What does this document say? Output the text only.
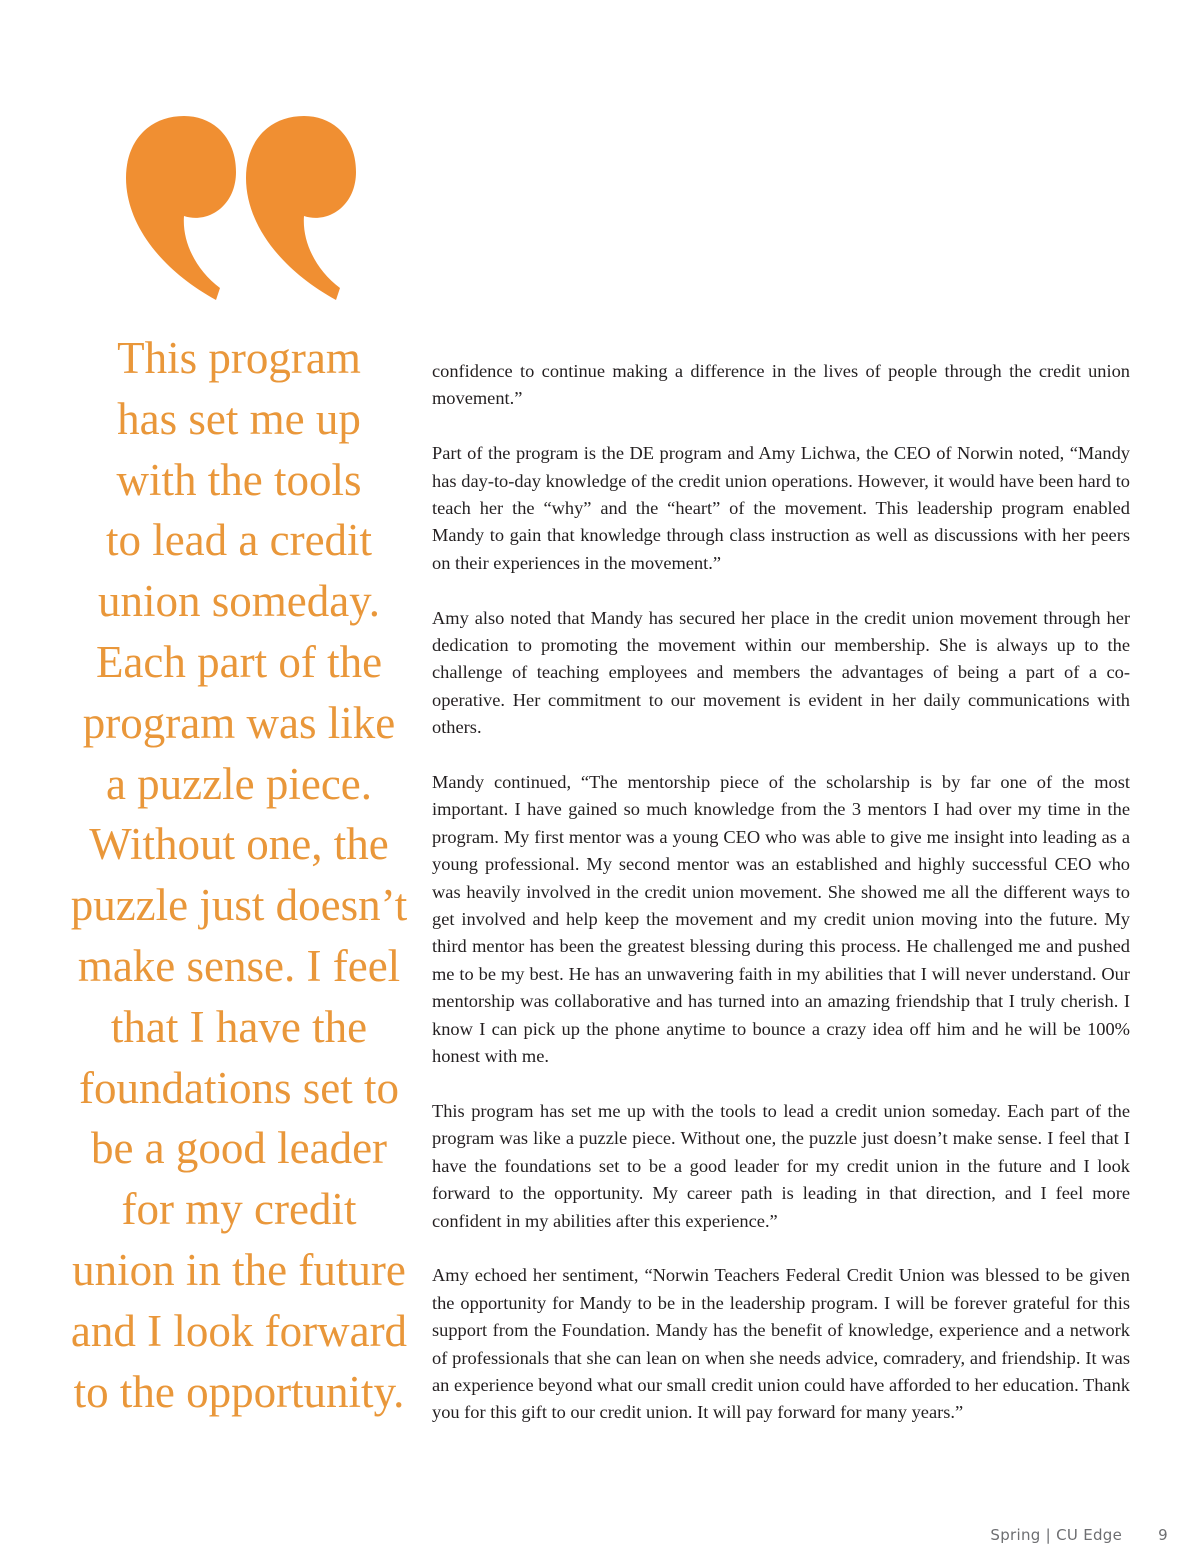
This program
has set me up
with the tools
to lead a credit
union someday.
Each part of the
program was like
a puzzle piece.
Without one, the
puzzle just doesn’t
make sense. I feel
that I have the
foundations set to
be a good leader
for my credit
union in the future
and I look forward
to the opportunity.

confidence to continue making a difference in the lives of people through the credit union movement.”

Part of the program is the DE program and Amy Lichwa, the CEO of Norwin noted, “Mandy has day-to-day knowledge of the credit union operations. However, it would have been hard to teach her the “why” and the “heart” of the movement. This leadership program enabled Mandy to gain that knowledge through class instruction as well as discussions with her peers on their experiences in the movement.”

Amy also noted that Mandy has secured her place in the credit union movement through her dedication to promoting the movement within our membership. She is always up to the challenge of teaching employees and members the advantages of being a part of a co-operative. Her commitment to our movement is evident in her daily communications with others.

Mandy continued, “The mentorship piece of the scholarship is by far one of the most important. I have gained so much knowledge from the 3 mentors I had over my time in the program. My first mentor was a young CEO who was able to give me insight into leading as a young professional. My second mentor was an established and highly successful CEO who was heavily involved in the credit union movement. She showed me all the different ways to get involved and help keep the movement and my credit union moving into the future. My third mentor has been the greatest blessing during this process. He challenged me and pushed me to be my best. He has an unwavering faith in my abilities that I will never understand. Our mentorship was collaborative and has turned into an amazing friendship that I truly cherish. I know I can pick up the phone anytime to bounce a crazy idea off him and he will be 100% honest with me.

This program has set me up with the tools to lead a credit union someday. Each part of the program was like a puzzle piece. Without one, the puzzle just doesn’t make sense. I feel that I have the foundations set to be a good leader for my credit union in the future and I look forward to the opportunity. My career path is leading in that direction, and I feel more confident in my abilities after this experience.”

Amy echoed her sentiment, “Norwin Teachers Federal Credit Union was blessed to be given the opportunity for Mandy to be in the leadership program. I will be forever grateful for this support from the Foundation. Mandy has the benefit of knowledge, experience and a network of professionals that she can lean on when she needs advice, comradery, and friendship. It was an experience beyond what our small credit union could have afforded to her education. Thank you for this gift to our credit union. It will pay forward for many years.”

Spring | CU Edge 9
